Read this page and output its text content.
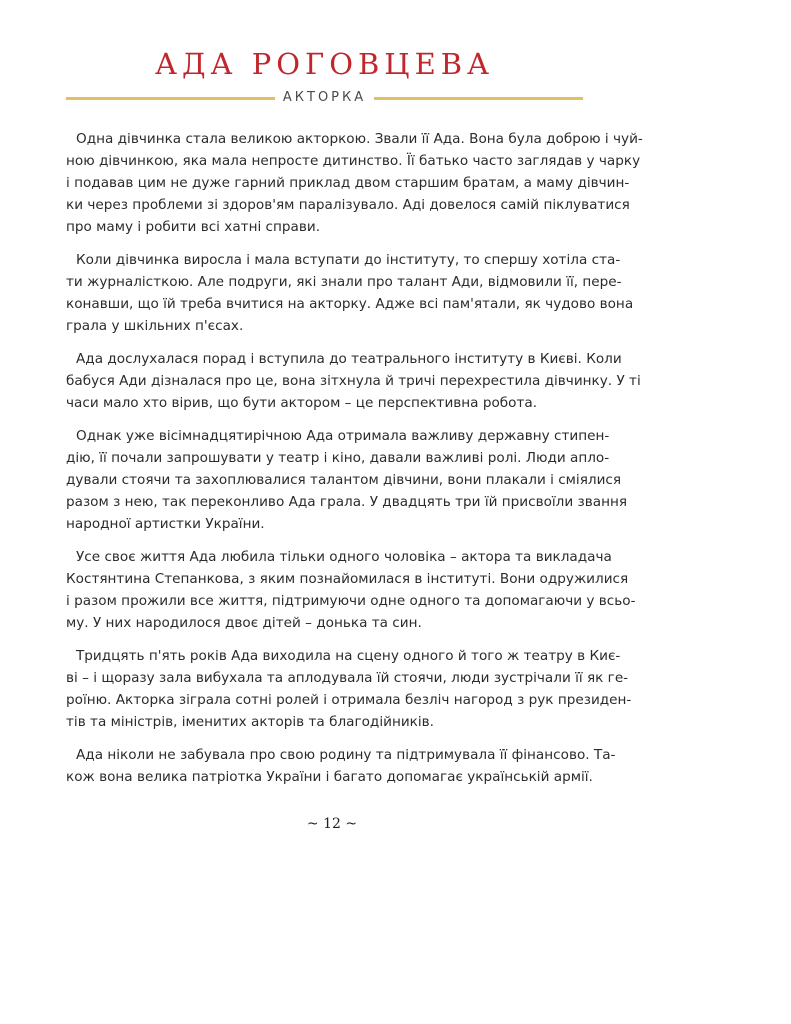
АДА РОГОВЦЕВА
АКТОРКА

Одна дівчинка стала великою акторкою. Звали її Ада. Вона була доброю і чуй-
ною дівчинкою, яка мала непросте дитинство. Її батько часто заглядав у чарку
і подавав цим не дуже гарний приклад двом старшим братам, а маму дівчин-
ки через проблеми зі здоров'ям паралізувало. Аді довелося самій піклуватися
про маму і робити всі хатні справи.

Коли дівчинка виросла і мала вступати до інституту, то спершу хотіла ста-
ти журналісткою. Але подруги, які знали про талант Ади, відмовили її, пере-
конавши, що їй треба вчитися на акторку. Адже всі пам'ятали, як чудово вона
грала у шкільних п'єсах.

Ада дослухалася порад і вступила до театрального інституту в Києві. Коли
бабуся Ади дізналася про це, вона зітхнула й тричі перехрестила дівчинку. У ті
часи мало хто вірив, що бути актором – це перспективна робота.

Однак уже вісімнадцятирічною Ада отримала важливу державну стипен-
дію, її почали запрошувати у театр і кіно, давали важливі ролі. Люди апло-
дували стоячи та захоплювалися талантом дівчини, вони плакали і сміялися
разом з нею, так переконливо Ада грала. У двадцять три їй присвоїли звання
народної артистки України.

Усе своє життя Ада любила тільки одного чоловіка – актора та викладача
Костянтина Степанкова, з яким познайомилася в інституті. Вони одружилися
і разом прожили все життя, підтримуючи одне одного та допомагаючи у всьо-
му. У них народилося двоє дітей – донька та син.

Тридцять п'ять років Ада виходила на сцену одного й того ж театру в Киє-
ві – і щоразу зала вибухала та аплодувала їй стоячи, люди зустрічали її як ге-
роїню. Акторка зіграла сотні ролей і отримала безліч нагород з рук президен-
тів та міністрів, іменитих акторів та благодійників.

Ада ніколи не забувала про свою родину та підтримувала її фінансово. Та-
кож вона велика патріотка України і багато допомагає українській армії.

~ 12 ~
